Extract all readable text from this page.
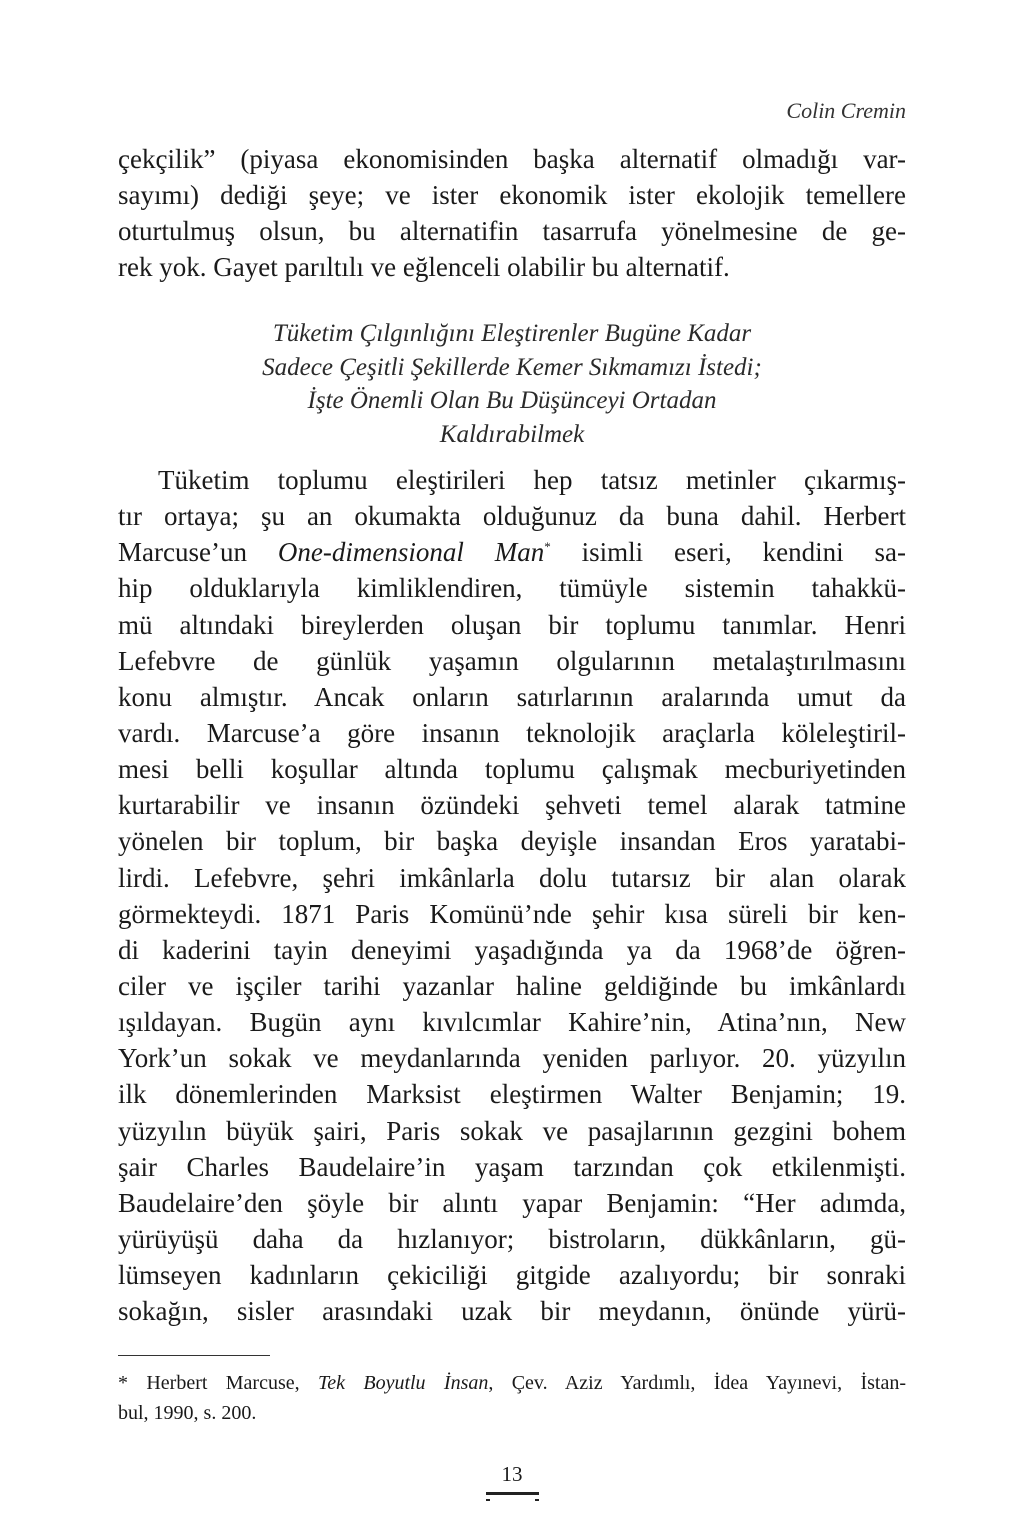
Colin Cremin
çekçilik” (piyasa ekonomisinden başka alternatif olmadığı var-
sayımı) dediği şeye; ve ister ekonomik ister ekolojik temellere
oturtulmuş olsun, bu alternatifin tasarrufa yönelmesine de ge-
rek yok. Gayet parıltılı ve eğlenceli olabilir bu alternatif.
Tüketim Çılgınlığını Eleştirenler Bugüne Kadar
Sadece Çeşitli Şekillerde Kemer Sıkmamızı İstedi;
İşte Önemli Olan Bu Düşünceyi Ortadan
Kaldırabilmek
Tüketim toplumu eleştirileri hep tatsız metinler çıkarmış-
tır ortaya; şu an okumakta olduğunuz da buna dahil. Herbert
Marcuse’un One-dimensional Man* isimli eseri, kendini sa-
hip olduklarıyla kimliklendiren, tümüyle sistemin tahakkü-
mü altındaki bireylerden oluşan bir toplumu tanımlar. Henri
Lefebvre de günlük yaşamın olgularının metalaştırılmasını
konu almıştır. Ancak onların satırlarının aralarında umut da
vardı. Marcuse’a göre insanın teknolojik araçlarla köleleştiril-
mesi belli koşullar altında toplumu çalışmak mecburiyetinden
kurtarabilir ve insanın özündeki şehveti temel alarak tatmine
yönelen bir toplum, bir başka deyişle insandan Eros yaratabi-
lirdi. Lefebvre, şehri imkânlarla dolu tutarsız bir alan olarak
görmekteydi. 1871 Paris Komünü’nde şehir kısa süreli bir ken-
di kaderini tayin deneyimi yaşadığında ya da 1968’de öğren-
ciler ve işçiler tarihi yazanlar haline geldiğinde bu imkânlardı
ışıldayan. Bugün aynı kıvılcımlar Kahire’nin, Atina’nın, New
York’un sokak ve meydanlarında yeniden parlıyor. 20. yüzyılın
ilk dönemlerinden Marksist eleştirmen Walter Benjamin; 19.
yüzyılın büyük şairi, Paris sokak ve pasajlarının gezgini bohem
şair Charles Baudelaire’in yaşam tarzından çok etkilenmişti.
Baudelaire’den şöyle bir alıntı yapar Benjamin: “Her adımda,
yürüyüşü daha da hızlanıyor; bistroların, dükkânların, gü-
lümseyen kadınların çekiciliği gitgide azalıyordu; bir sonraki
sokağın, sisler arasındaki uzak bir meydanın, önünde yürü-
* Herbert Marcuse, Tek Boyutlu İnsan, Çev. Aziz Yardımlı, İdea Yayınevi, İstan-
bul, 1990, s. 200.
13
